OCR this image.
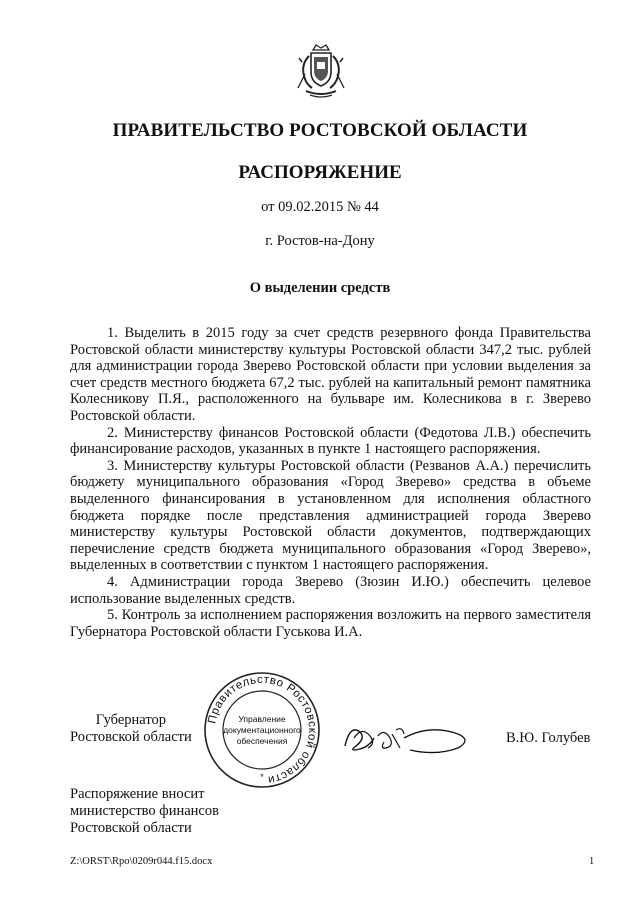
ПРАВИТЕЛЬСТВО РОСТОВСКОЙ ОБЛАСТИ
РАСПОРЯЖЕНИЕ
от 09.02.2015 № 44
г. Ростов-на-Дону
О выделении средств

1. Выделить в 2015 году за счет средств резервного фонда Правительства Ростовской области министерству культуры Ростовской области 347,2 тыс. рублей для администрации города Зверево Ростовской области при условии выделения за счет средств местного бюджета 67,2 тыс. рублей на капитальный ремонт памятника Колесникову П.Я., расположенного на бульваре им. Колесникова в г. Зверево Ростовской области.

2. Министерству финансов Ростовской области (Федотова Л.В.) обеспечить финансирование расходов, указанных в пункте 1 настоящего распоряжения.

3. Министерству культуры Ростовской области (Резванов А.А.) перечислить бюджету муниципального образования «Город Зверево» средства в объеме выделенного финансирования в установленном для исполнения областного бюджета порядке после представления администрацией города Зверево министерству культуры Ростовской области документов, подтверждающих перечисление средств бюджета муниципального образования «Город Зверево», выделенных в соответствии с пунктом 1 настоящего распоряжения.

4. Администрации города Зверево (Зюзин И.Ю.) обеспечить целевое использование выделенных средств.

5. Контроль за исполнением распоряжения возложить на первого заместителя Губернатора Ростовской области Гуськова И.А.

Губернатор
Ростовской области
Правительство Ростовской области
Управление
документационного
обеспечения
*
В.Ю. Голубев
Распоряжение вносит
министерство финансов
Ростовской области
Z:\ORST\Rpo\0209r044.f15.docx	1
